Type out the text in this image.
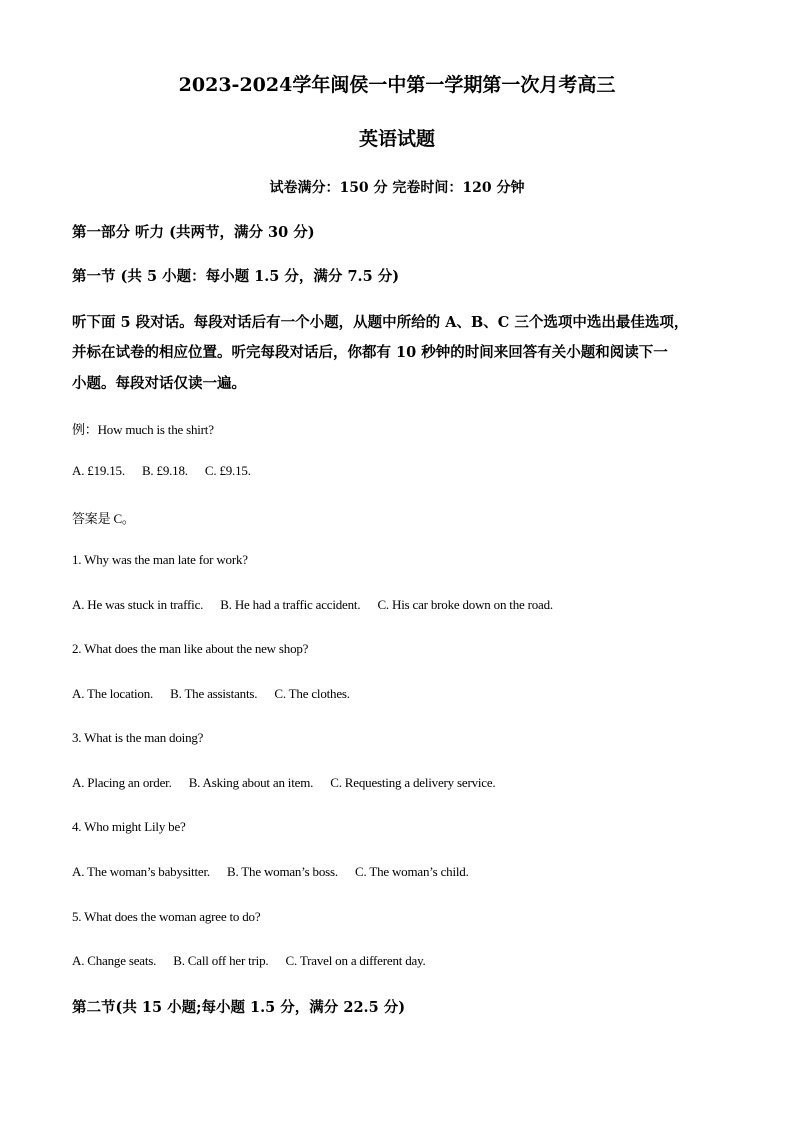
2023-2024学年闽侯一中第一学期第一次月考高三
英语试题
试卷满分：150 分 完卷时间：120 分钟
第一部分 听力 (共两节，满分 30 分)
第一节 (共 5 小题：每小题 1.5 分，满分 7.5 分)
听下面 5 段对话。每段对话后有一个小题，从题中所给的 A、B、C 三个选项中选出最佳选项，
并标在试卷的相应位置。听完每段对话后，你都有 10 秒钟的时间来回答有关小题和阅读下一
小题。每段对话仅读一遍。
例：How much is the shirt?
A. £19.15. B. £9.18. C. £9.15.
答案是 C。
1. Why was the man late for work?
A. He was stuck in traffic. B. He had a traffic accident. C. His car broke down on the road.
2. What does the man like about the new shop?
A. The location. B. The assistants. C. The clothes.
3. What is the man doing?
A. Placing an order. B. Asking about an item. C. Requesting a delivery service.
4. Who might Lily be?
A. The woman’s babysitter. B. The woman’s boss. C. The woman’s child.
5. What does the woman agree to do?
A. Change seats. B. Call off her trip. C. Travel on a different day.
第二节(共 15 小题;每小题 1.5 分，满分 22.5 分)
